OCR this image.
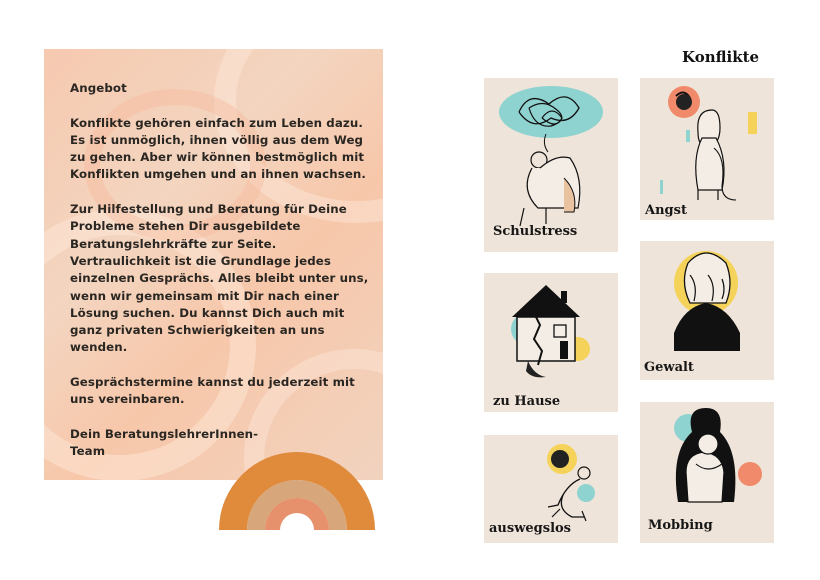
Angebot

Konflikte gehören einfach zum Leben dazu. Es ist unmöglich, ihnen völlig aus dem Weg zu gehen. Aber wir können bestmöglich mit Konflikten umgehen und an ihnen wachsen.

Zur Hilfestellung und Beratung für Deine Probleme stehen Dir ausgebildete Beratungslehrkräfte zur Seite. Vertraulichkeit ist die Grundlage jedes einzelnen Gesprächs. Alles bleibt unter uns, wenn wir gemeinsam mit Dir nach einer Lösung suchen. Du kannst Dich auch mit ganz privaten Schwierigkeiten an uns wenden.

Gesprächstermine kannst du jederzeit mit uns vereinbaren.

Dein BeratungslehrerInnen-Team

Konflikte
Schulstress
Angst
zu Hause
Gewalt
auswegslos	Mobbing
